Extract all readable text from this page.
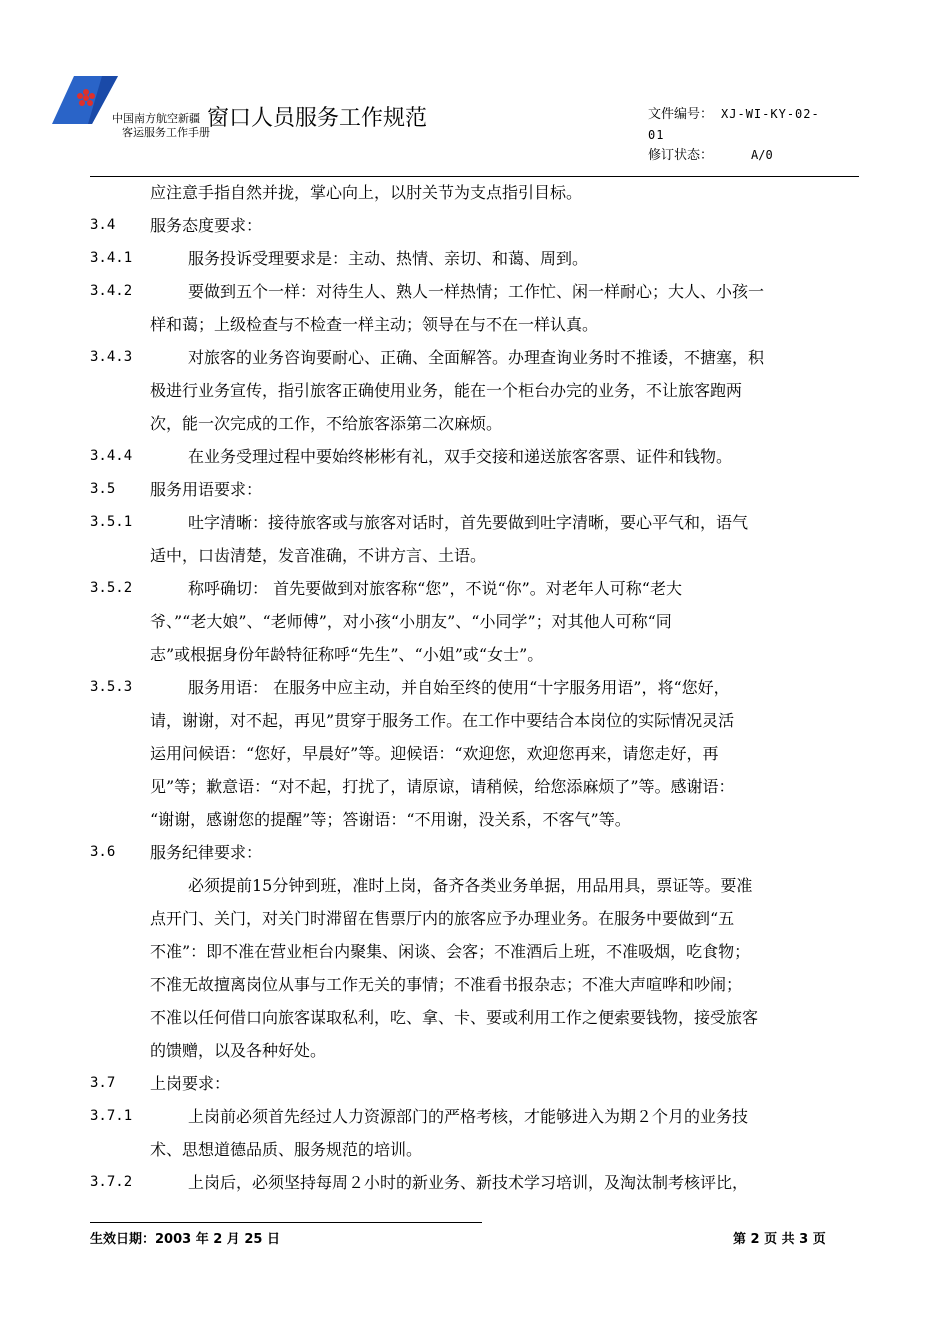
中国南方航空新疆
客运服务工作手册
窗口人员服务工作规范	文件编号： XJ-WI-KY-02-
01
修订状态：	A/0
应注意手指自然并拢，掌心向上，以肘关节为支点指引目标。
3.4 服务态度要求：
3.4.1	服务投诉受理要求是：主动、热情、亲切、和蔼、周到。
3.4.2	要做到五个一样：对待生人、熟人一样热情；工作忙、闲一样耐心；大人、小孩一
样和蔼；上级检查与不检查一样主动；领导在与不在一样认真。
3.4.3	对旅客的业务咨询要耐心、正确、全面解答。办理查询业务时不推诿，不搪塞，积
极进行业务宣传，指引旅客正确使用业务，能在一个柜台办完的业务，不让旅客跑两
次，能一次完成的工作，不给旅客添第二次麻烦。
3.4.4	在业务受理过程中要始终彬彬有礼，双手交接和递送旅客客票、证件和钱物。
3.5 服务用语要求：
3.5.1	吐字清晰：接待旅客或与旅客对话时，首先要做到吐字清晰，要心平气和，语气
适中，口齿清楚，发音准确，不讲方言、土语。
3.5.2	称呼确切： 首先要做到对旅客称“您”，不说“你”。对老年人可称“老大
爷、”“老大娘”、“老师傅”，对小孩“小朋友”、“小同学”；对其他人可称“同
志”或根据身份年龄特征称呼“先生”、“小姐”或“女士”。
3.5.3	服务用语： 在服务中应主动，并自始至终的使用“十字服务用语”，将“您好，
请，谢谢，对不起，再见”贯穿于服务工作。在工作中要结合本岗位的实际情况灵活
运用问候语：“您好，早晨好”等。迎候语：“欢迎您，欢迎您再来，请您走好，再
见”等；歉意语：“对不起，打扰了，请原谅，请稍候，给您添麻烦了”等。感谢语：
“谢谢，感谢您的提醒”等；答谢语：“不用谢，没关系，不客气”等。
3.6 服务纪律要求：
必须提前15分钟到班，准时上岗，备齐各类业务单据，用品用具，票证等。要准
点开门、关门，对关门时滞留在售票厅内的旅客应予办理业务。在服务中要做到“五
不准”：即不准在营业柜台内聚集、闲谈、会客；不准酒后上班，不准吸烟，吃食物；
不准无故擅离岗位从事与工作无关的事情；不准看书报杂志；不准大声喧哗和吵闹；
不准以任何借口向旅客谋取私利，吃、拿、卡、要或利用工作之便索要钱物，接受旅客
的馈赠，以及各种好处。
3.7 上岗要求：
3.7.1	上岗前必须首先经过人力资源部门的严格考核，才能够进入为期２个月的业务技
术、思想道德品质、服务规范的培训。
3.7.2	上岗后，必须坚持每周２小时的新业务、新技术学习培训，及淘汰制考核评比，
生效日期：2003 年 2 月 25 日	第 2 页 共 3 页
